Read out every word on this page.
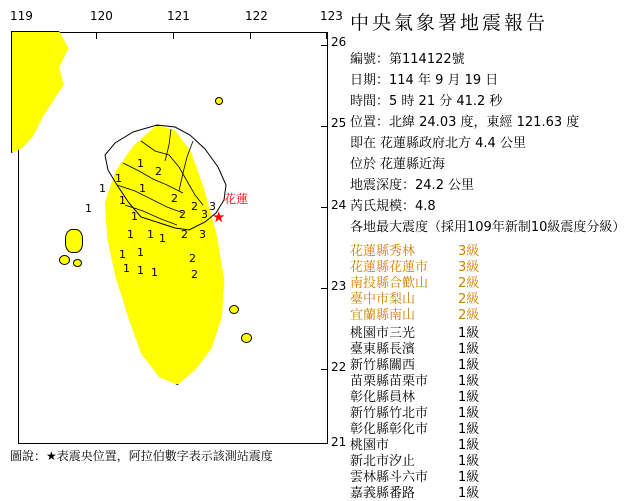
119	120	121	122	123
26
25
24
23
22
21
1
1
1
1
2
1
1
1
2
2
2
3
3
1 1 1 2 3
1 1
1 1 1
2
2
★
花蓮
圖說：★表震央位置，阿拉伯數字表示該測站震度
中央氣象署地震報告
編號：第114122號
日期：114 年 9 月 19 日
時間：5 時 21 分 41.2 秒
位置：北緯 24.03 度，東經 121.63 度
即在 花蓮縣政府北方 4.4 公里
位於 花蓮縣近海
地震深度：24.2 公里
芮氏規模：4.8
各地最大震度（採用109年新制10級震度分級）
花蓮縣秀林	3級
花蓮縣花蓮市 3級
南投縣合歡山 2級
臺中市梨山	2級
宜蘭縣南山	2級
桃園市三光	1級
臺東縣長濱	1級
新竹縣關西	1級
苗栗縣苗栗市 1級
彰化縣員林	1級
新竹縣竹北市 1級
彰化縣彰化市 1級
桃園市	1級
新北市汐止	1級
雲林縣斗六市 1級
嘉義縣番路	1級
